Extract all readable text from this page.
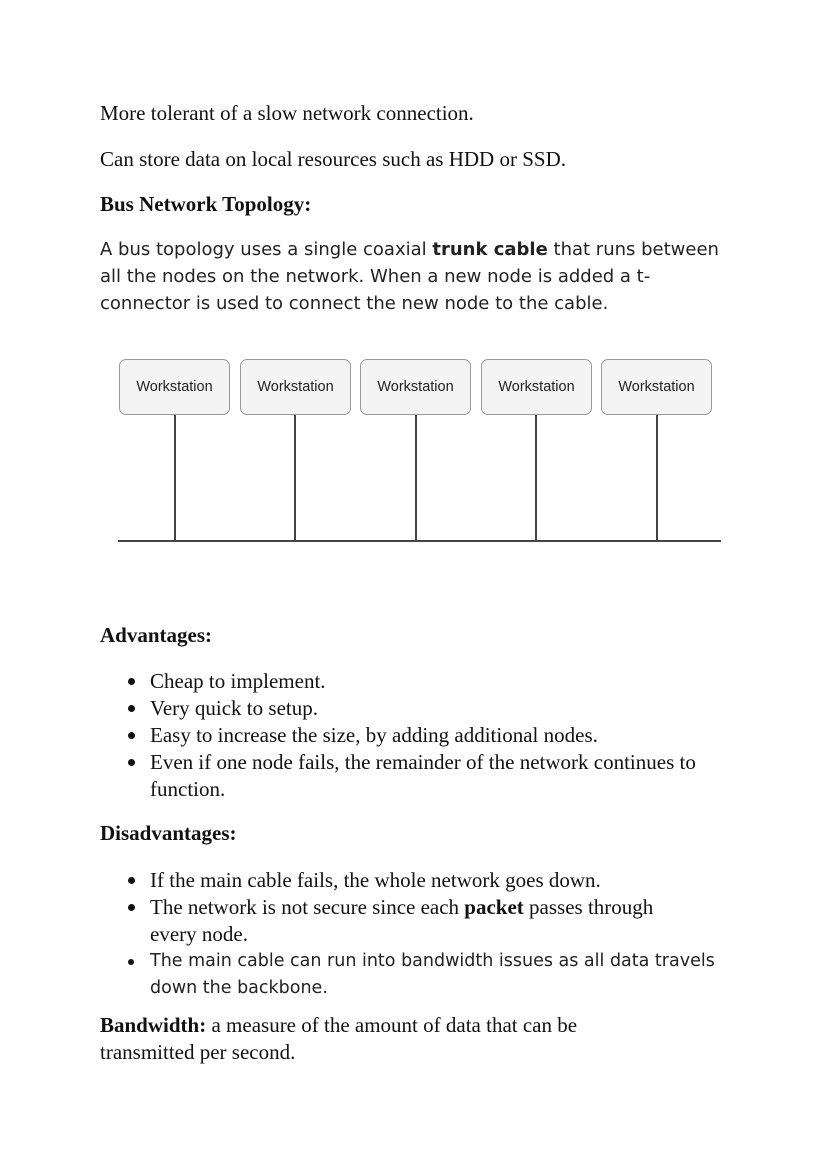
More tolerant of a slow network connection.

Can store data on local resources such as HDD or SSD.

Bus Network Topology:

A bus topology uses a single coaxial trunk cable that runs between all the nodes on the network. When a new node is added a t-connector is used to connect the new node to the cable.

Workstation	Workstation	Workstation	Workstation	Workstation

Advantages:

Cheap to implement.
Very quick to setup.
Easy to increase the size, by adding additional nodes.
Even if one node fails, the remainder of the network continues to function.

Disadvantages:

If the main cable fails, the whole network goes down.
The network is not secure since each packet passes through every node.
The main cable can run into bandwidth issues as all data travels down the backbone.

Bandwidth: a measure of the amount of data that can be transmitted per second.
